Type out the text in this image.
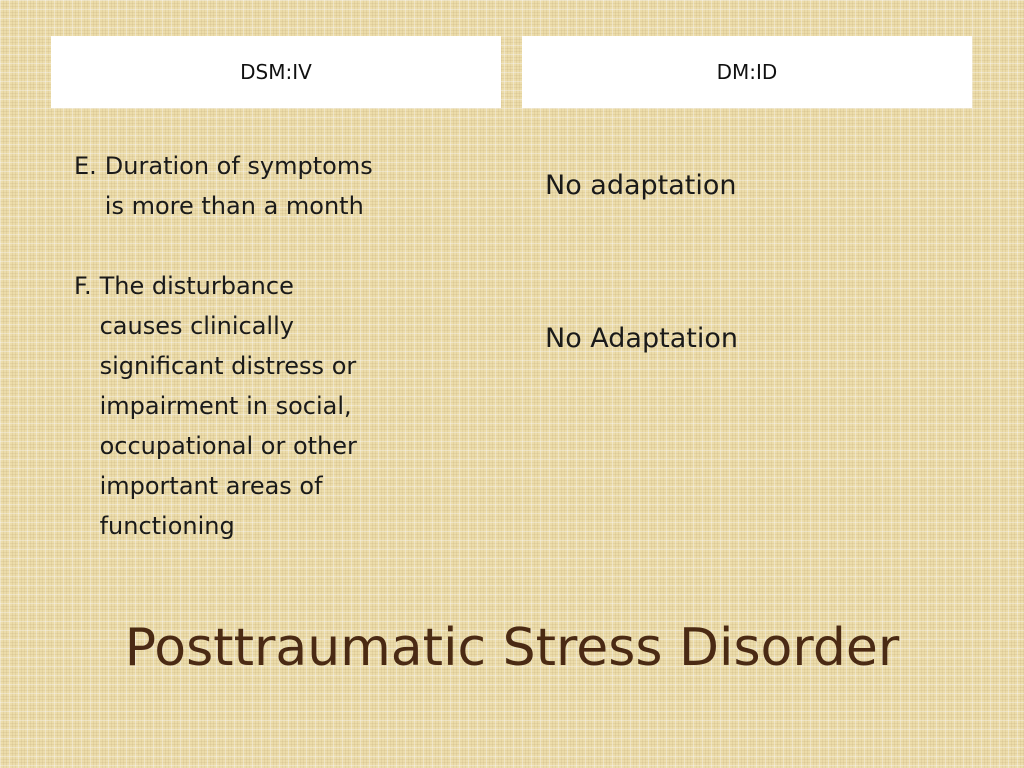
DSM:IV	DM:ID
E. Duration of symptoms
is more than a month
F. The disturbance
causes clinically
significant distress or
impairment in social,
occupational or other
important areas of
functioning
No adaptation
No Adaptation
Posttraumatic Stress Disorder
